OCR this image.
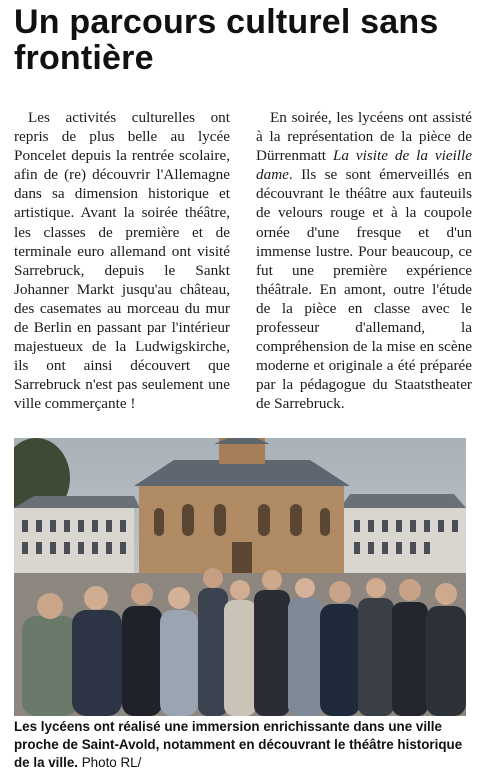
Un parcours culturel sans frontière

Les activités culturelles ont repris de plus belle au lycée Poncelet depuis la rentrée scolaire, afin de (re) découvrir l'Allemagne dans sa dimension historique et artistique. Avant la soirée théâtre, les classes de première et de terminale euro allemand ont visité Sarrebruck, depuis le Sankt Johanner Markt jusqu'au château, des casemates au morceau du mur de Berlin en passant par l'intérieur majestueux de la Ludwigskirche, ils ont ainsi découvert que Sarrebruck n'est pas seulement une ville commerçante !

En soirée, les lycéens ont assisté à la représentation de la pièce de Dürrenmatt La visite de la vieille dame. Ils se sont émerveillés en découvrant le théâtre aux fauteuils de velours rouge et à la coupole ornée d'une fresque et d'un immense lustre. Pour beaucoup, ce fut une première expérience théâtrale. En amont, outre l'étude de la pièce en classe avec le professeur d'allemand, la compréhension de la mise en scène moderne et originale a été préparée par la pédagogue du Staatstheater de Sarrebruck.

Les lycéens ont réalisé une immersion enrichissante dans une ville proche de Saint-Avold, notamment en découvrant le théâtre historique de la ville. Photo RL/
